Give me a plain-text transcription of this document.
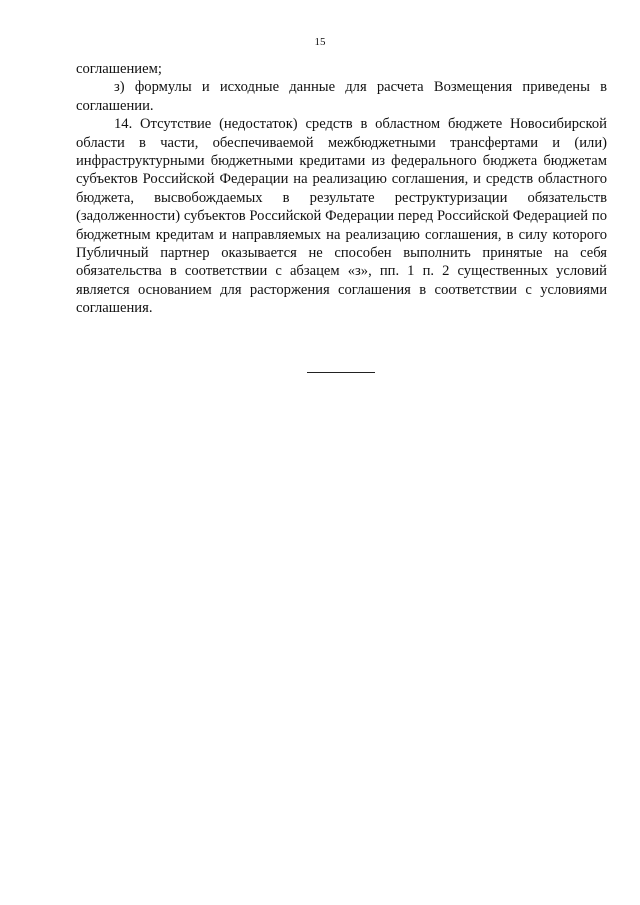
15

соглашением;

з) формулы и исходные данные для расчета Возмещения приведены в соглашении.

14. Отсутствие (недостаток) средств в областном бюджете Новосибирской области в части, обеспечиваемой межбюджетными трансфертами и (или) инфраструктурными бюджетными кредитами из федерального бюджета бюджетам субъектов Российской Федерации на реализацию соглашения, и средств областного бюджета, высвобождаемых в результате реструктуризации обязательств (задолженности) субъектов Российской Федерации перед Российской Федерацией по бюджетным кредитам и направляемых на реализацию соглашения, в силу которого Публичный партнер оказывается не способен выполнить принятые на себя обязательства в соответствии с абзацем «з», пп. 1 п. 2 существенных условий является основанием для расторжения соглашения в соответствии с условиями соглашения.
